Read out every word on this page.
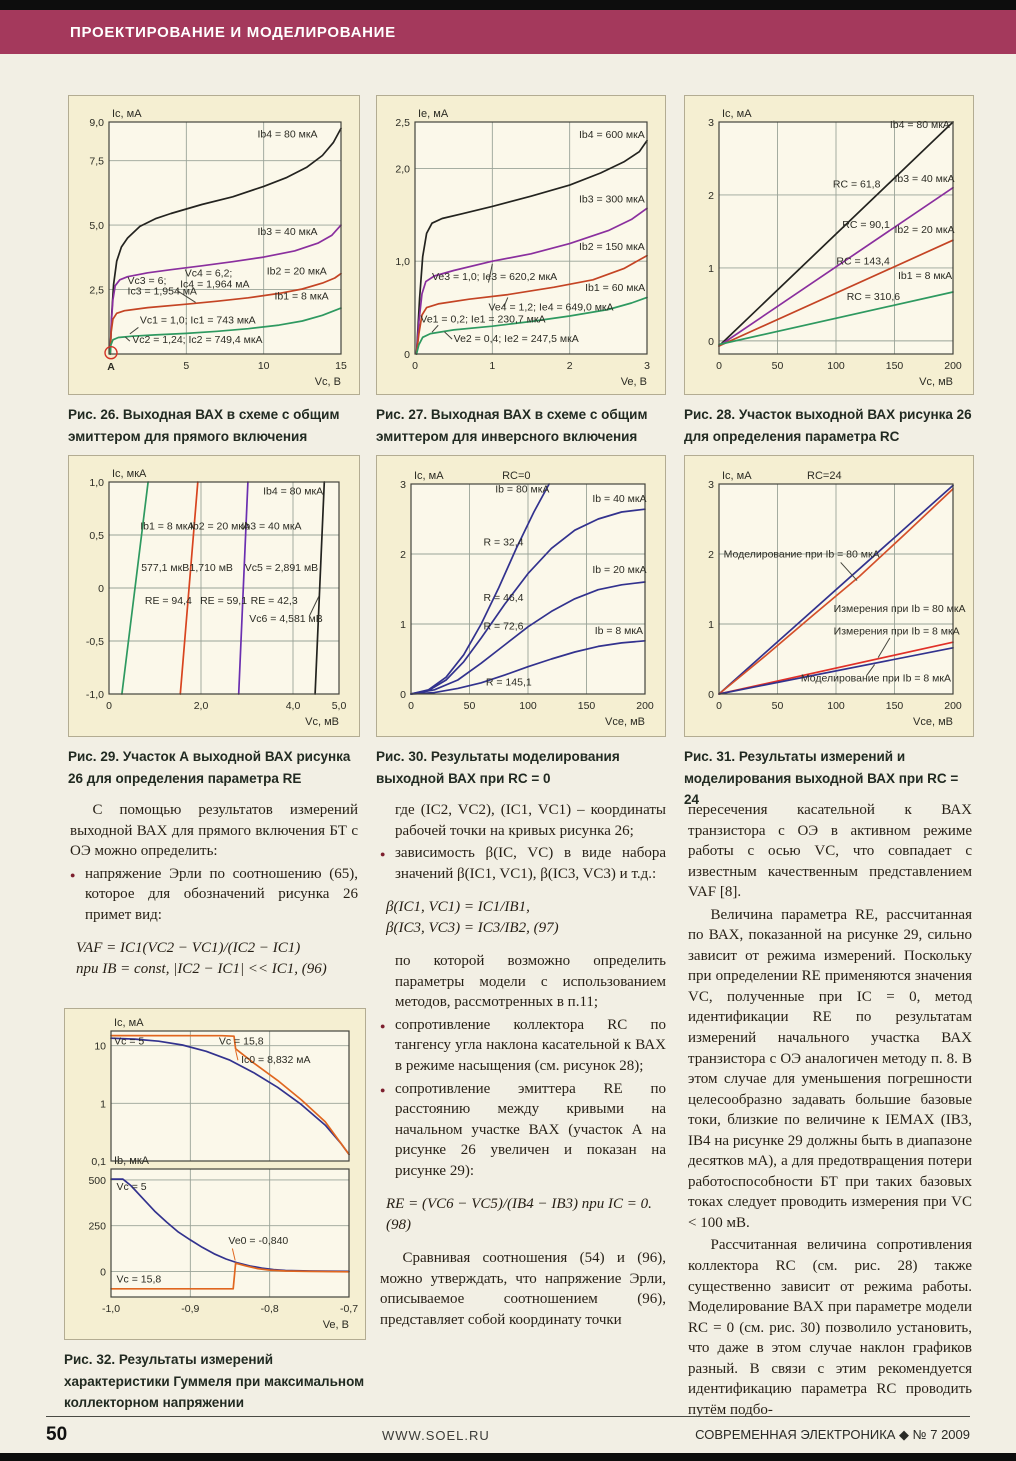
ПРОЕКТИРОВАНИЕ И МОДЕЛИРОВАНИЕ
5	10	15
2,5
5,0
7,5
9,0
Ic, мА
Vc, В
Ib4 = 80 мкА
Ib3 = 40 мкА
Ib2 = 20 мкА
Ib1 = 8 мкА
Vc3 = 6;
Ic3 = 1,954 мА
Vc4 = 6,2;
Ic4 = 1,964 мА
Vc1 = 1,0; Ic1 = 743 мкА
Vc2 = 1,24; Ic2 = 749,4 мкА
A
Рис. 26. Выходная ВАХ в схеме с общим эмиттером для прямого включения
0	1	2	3
0
1,0
2,0
2,5
Ie, мА
Ve, В
Ib4 = 600 мкА
Ib3 = 300 мкА
Ib2 = 150 мкА
Ib1 = 60 мкА
Ve3 = 1,0; Ie3 = 620,2 мкА
Ve4 = 1,2; Ie4 = 649,0 мкА
Ve1 = 0,2; Ie1 = 230,7 мкА
Ve2 = 0,4; Ie2 = 247,5 мкА
Рис. 27. Выходная ВАХ в схеме с общим эмиттером для инверсного включения
0	50	100	150	200
0
1
2
3
Ic, мА
Vc, мВ
Ib4 = 80 мкА
RC = 61,8 Ib3 = 40 мкА
RC = 90,1 Ib2 = 20 мкА
RC = 143,4
Ib1 = 8 мкА
RC = 310,6
Рис. 28. Участок выходной ВАХ рисунка 26 для определения параметра RC
0	2,0	4,0	5,0
1,0
0,5
0
-0,5
-1,0
Ic, мкА
Vc, мВ
Ib4 = 80 мкА
Ib1 = 8 мкА
Ib2 = 20 мкА
Ib3 = 40 мкА
577,1 мкВ 1,710 мВ Vc5 = 2,891 мВ
RE = 94,4 RE = 59,1 RE = 42,3
Vc6 = 4,581 мВ
Рис. 29. Участок А выходной ВАХ рисунка 26 для определения параметра RE
0	50	100	150	200
0
1
2
3
Ic, мА
Vce, мВ
RC=0
Ib = 80 мкА
Ib = 40 мкА
Ib = 20 мкА
Ib = 8 мкА
R = 32,4
R = 46,4
R = 72,6
R = 145,1
Рис. 30. Результаты моделирования выходной ВАХ при RC = 0
0	50	100	150	200
0
1
2
3
Ic, мА
Vce, мВ
RC=24
Моделирование при Ib = 80 мкА
Измерения при Ib = 80 мкА
Измерения при Ib = 8 мкА
Моделирование при Ib = 8 мкА
Рис. 31. Результаты измерений и моделирования выходной ВАХ при RC = 24
С помощью результатов измерений выходной ВАХ для прямого включения БТ с ОЭ можно определить:
● напряжение Эрли по соотношению (65), которое для обозначений рисунка 26 примет вид:
VAF = IC1(VC2 − VC1)/(IC2 − IC1)
при IB = const, |IC2 − IC1| << IC1, (96)
где (IC2, VC2), (IC1, VC1) – координаты рабочей точки на кривых рисунка 26;
● зависимость β(IC, VC) в виде набора значений β(IC1, VC1), β(IC3, VC3) и т.д.:
β(IC1, VC1) = IC1/IB1,
β(IC3, VC3) = IC3/IB2, (97)
по которой возможно определить параметры модели с использованием методов, рассмотренных в п.11;
● сопротивление коллектора RC по тангенсу угла наклона касательной к ВАХ в режиме насыщения (см. рисунок 28);
● сопротивление эмиттера RE по расстоянию между кривыми на начальном участке ВАХ (участок А на рисунке 26 увеличен и показан на рисунке 29):
RE = (VC6 − VC5)/(IB4 − IB3) при IC = 0.(98)
Сравнивая соотношения (54) и (96), можно утверждать, что напряжение Эрли, описываемое соотношением (96), представляет собой координату точки
пересечения касательной к ВАХ транзистора с ОЭ в активном режиме работы с осью VC, что совпадает с известным качественным представлением VAF [8].
Величина параметра RE, рассчитанная по ВАХ, показанной на рисунке 29, сильно зависит от режима измерений. Поскольку при определении RE применяются значения VC, полученные при IC = 0, метод идентификации RE по результатам измерений начального участка ВАХ транзистора с ОЭ аналогичен методу п. 8. В этом случае для уменьшения погрешности целесообразно задавать большие базовые токи, близкие по величине к IEMAX (IB3, IB4 на рисунке 29 должны быть в диапазоне десятков мА), а для предотвращения потери работоспособности БТ при таких базовых токах следует проводить измерения при VC < 100 мВ.
Рассчитанная величина сопротивления коллектора RC (см. рис. 28) также существенно зависит от режима работы. Моделирование ВАХ при параметре модели RC = 0 (см. рис. 30) позволило установить, что даже в этом случае наклон графиков разный. В связи с этим рекомендуется идентификацию параметра RC проводить путём подбо-
10
1
0,1
Ic, мА
Vc = 5	Vc = 15,8
Ic0 = 8,832 мА
-1,0	-0,9	-0,8	-0,7
0
250
500
Ib, мкА
Ve, В
Vc = 5
Ve0 = -0,840
Vc = 15,8
Рис. 32. Результаты измерений характеристики Гуммеля при максимальном коллекторном напряжении
50	WWW.SOEL.RU	СОВРЕМЕННАЯ ЭЛЕКТРОНИКА ◆ № 7 2009
